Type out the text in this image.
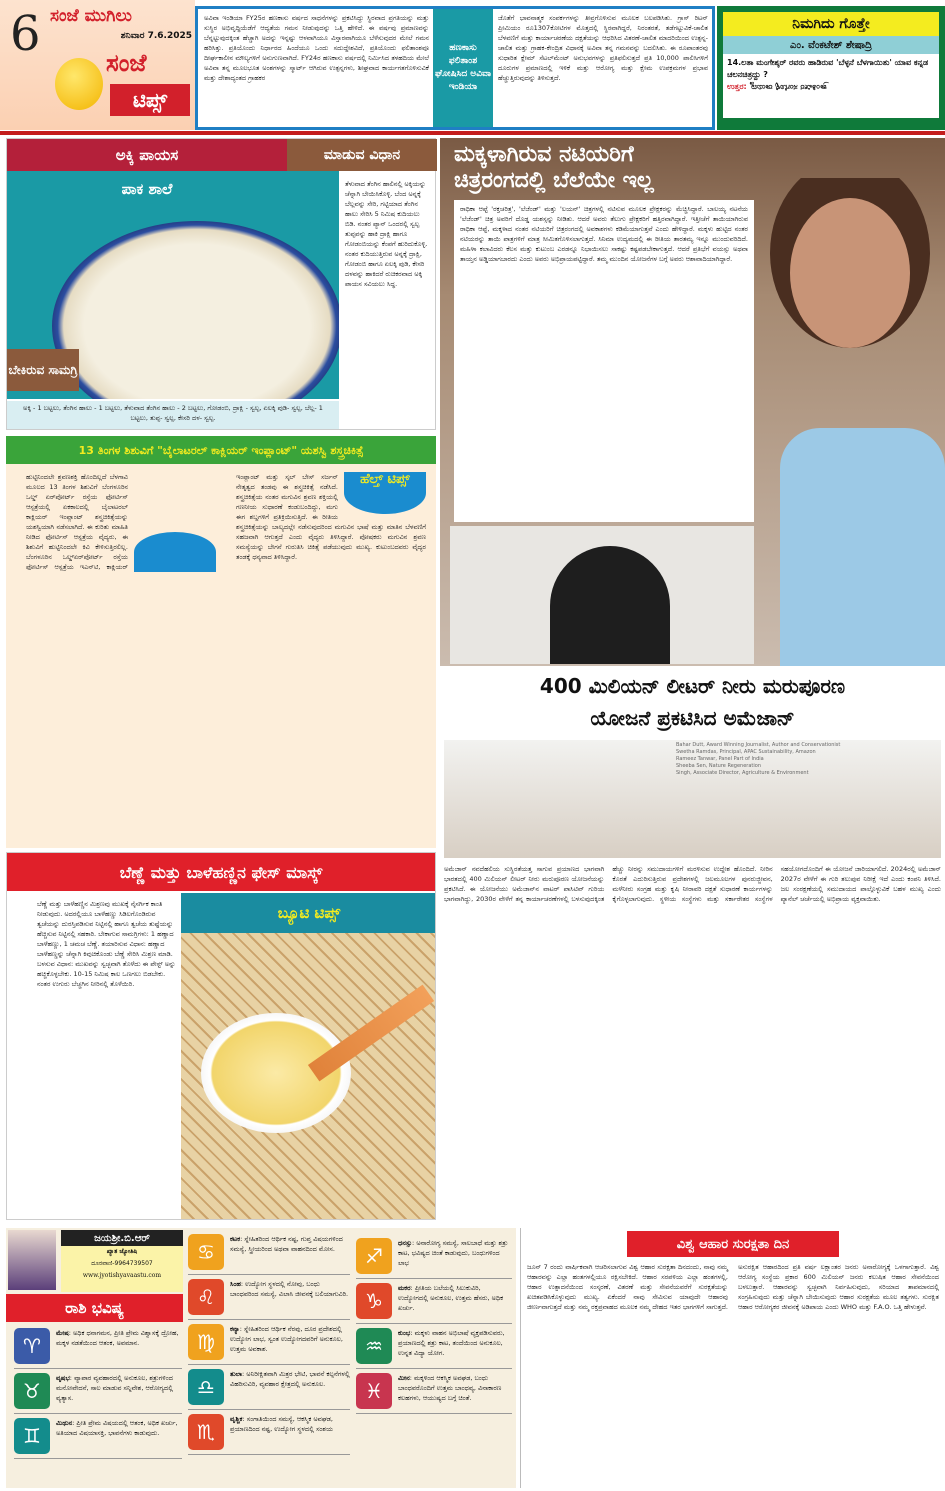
6 ಸಂಜೆ ಮುಗಿಲು
ಶನಿವಾರ 7.6.2025
ಸಂಜೆ
ಟಿಪ್ಸ್
ಅವಿವಾ ಇಂಡಿಯಾ FY25ರ ಹಣಕಾಸು ವರ್ಷದ ಸಾಧನೆಗಳನ್ನು ಪ್ರಕಟಿಸಿದ್ದು ಸ್ಥಿರವಾದ ಪ್ರಗತಿಯನ್ನು ಮತ್ತು ಸುಸ್ಥಿರ ಅಭಿವೃದ್ಧಿಯೆಡೆಗೆ ಆದ್ಯತೆಯ ಗಮನ ನೀಡುವುದನ್ನು ಒತ್ತಿ ಹೇಳಿದೆ. ಈ ವರ್ಷವು ಪ್ರಮಾಣವನ್ನು ಬೆನ್ನಟ್ಟುವುದಕ್ಕಿಂತ ಹೆಚ್ಚಾಗಿ ಅದನ್ನು ಇನ್ನಷ್ಟು ಆಳವಾಗಿಯೂ ವಿಸ್ತಾರವಾಗಿಯೂ ಬೆಳೆಸುವುದರ ಮೇಲೆ ಗಮನ ಹರಿಸಿತ್ತು. ಪ್ರತಿಯೊಂದು ನಿರ್ಧಾರದ ಹಿಂದೆಯೂ ಒಂದು ಸದುದ್ದೇಶವಿದೆ, ಪ್ರತಿಯೊಂದು ಫಲಿತಾಂಶವೂ ದೀರ್ಘಕಾಲೀನ ಮೌಲ್ಯಗಳಿಗೆ ಅನುಗುಣವಾಗಿದೆ. FY24ರ ಹಣಕಾಸು ವರ್ಷದಲ್ಲಿ ನಿರ್ಮಿಸಿದ ತಳಹದಿಯ ಮೇಲೆ ಅವಿವಾ ತನ್ನ ಮೂಲಭೂತ ಅಂಶಗಳನ್ನು ಸ್ಮಾರ್ಟ್ ಆಗಿರುವ ಉತ್ಪನ್ನಗಳು, ಶೀಘ್ರವಾದ ಕಾರ್ಯಗತಗೊಳಿಸುವಿಕೆ ಮತ್ತು ದೇಶಾದ್ಯಂತದ ಗ್ರಾಹಕರ
ಹಣಕಾಸು ಫಲಿತಾಂಶ ಘೋಷಿಸಿದ ಅವಿವಾ ಇಂಡಿಯಾ
ಜೊತೆಗೆ ಭಾವನಾತ್ಮಕ ಸಂಪರ್ಕಗಳನ್ನು ತೀವ್ರಗೊಳಿಸುವ ಮೂಲಕ ಬಲಪಡಿಸಿತು. ಗ್ರಾಸ್ ರಿಟನ್ ಪ್ರೀಮಿಯಂ ರೂ1307ಕೋಟಿಗಳ ಮೊತ್ತದಲ್ಲಿ ಸ್ಥಿರವಾಗಿದ್ದರೆ, ನಿರಂತರತೆ, ತಡೆಗಟ್ಟುವಿಕೆ-ಚಾಲಿತ ಬೆಳವಣಿಗೆ ಮತ್ತು ಕಾರ್ಯಾಚರಣೆಯ ದಕ್ಷತೆಯನ್ನು ಆಧರಿಸಿದ ವಿತರಣೆ-ಚಾಲಿತ ಮಾದರಿಯಿಂದ ಉತ್ಪನ್ನ-ಚಾಲಿತ ಮತ್ತು ಗ್ರಾಹಕ-ಕೇಂದ್ರಿತ ವಿಧಾನಕ್ಕೆ ಅವಿವಾ ತನ್ನ ಗಮನವನ್ನು ಬದಲಿಸಿತು. ಈ ರೂಪಾಂತರವು ಸುಧಾರಿತ ಕ್ಲೇಮ್ ಸೆಟಲ್‌ಮೆಂಟ್ ಅನುಭವಗಳನ್ನು ಪ್ರತಿಫಲಿಸುತ್ತದೆ ಪ್ರತಿ 10,000 ಪಾಲಿಸಿಗಳಿಗೆ ದೂರುಗಳ ಪ್ರಮಾಣದಲ್ಲಿ ಇಳಿಕೆ ಮತ್ತು ಆರೋಗ್ಯ ಮತ್ತು ಕ್ಷೇಮ ಉಪಕ್ರಮಗಳ ಪ್ರಭಾವ ಹೆಚ್ಚುತ್ತಿರುವುದನ್ನು ತಿಳಿಸುತ್ತದೆ.
ನಿಮಗಿದು ಗೊತ್ತೇ
ಎಂ. ವೆಂಕಟೇಶ್ ಶೇಷಾದ್ರಿ
14.ಲತಾ ಮಂಗೇಶ್ಕರ್ ರವರು ಹಾಡಿರುವ 'ಬೆಳ್ಳನೆ ಬೆಳಗಾಯಿತು' ಯಾವ ಕನ್ನಡ ಚಲನಚಿತ್ರದ್ದು ?
ಉತ್ತರ: ಕ್ರಾಂತಿವೀರ ಸಂಗೊಳ್ಳಿ ರಾಯಣ್ಣ
ಅಕ್ಕಿ ಪಾಯಸ	ಮಾಡುವ ವಿಧಾನ
ಪಾಕ ಶಾಲೆ
ಬೇಕಿರುವ ಸಾಮಗ್ರಿ
ಅಕ್ಕಿ - 1 ಬಟ್ಟಲು, ತೆಂಗಿನ ಹಾಲು - 1 ಬಟ್ಟಲು, ತೆಳುವಾದ ತೆಂಗಿನ ಹಾಲು - 2 ಬಟ್ಟಲು, ಗೋಡಂಬಿ, ದ್ರಾಕ್ಷಿ - ಸ್ವಲ್ಪ, ಏಲಕ್ಕಿ ಪುಡಿ- ಸ್ವಲ್ಪ, ಬೆಲ್ಲ- 1 ಬಟ್ಟಲು, ತುಪ್ಪ- ಸ್ವಲ್ಪ, ಕೇಸರಿ ದಳ- ಸ್ವಲ್ಪ.
ತೆಳುವಾದ ತೆಂಗಿನ ಹಾಲಿನಲ್ಲಿ ಅಕ್ಕಿಯನ್ನು ಚೆನ್ನಾಗಿ ಬೇಯಿಸಿಕೊಳ್ಳಿ. ಬೆಂದ ಅನ್ನಕ್ಕೆ ಬೆಲ್ಲವನ್ನು ಸೇರಿ, ಗಟ್ಟಿಯಾದ ತೆಂಗಿನ ಹಾಲು ಸೇರಿಸಿ 5 ನಿಮಿಷ ಕುದಿಯಲು ಬಿಡಿ. ನಂತರ ಪ್ಯಾನ್ ಒಂದರಲ್ಲಿ ಸ್ವಲ್ಪ ತುಪ್ಪವನ್ನು ಹಾಕಿ ದ್ರಾಕ್ಷಿ ಹಾಗೂ ಗೋಡಂಬಿಯನ್ನು ಕೆಂಪಗೆ ಹುರಿದುಕೊಳ್ಳಿ. ನಂತರ ಕುದಿಯುತ್ತಿರುವ ಅನ್ನಕ್ಕೆ ದ್ರಾಕ್ಷಿ, ಗೋಡಂಬಿ ಹಾಗೂ ಏಲಕ್ಕಿ ಪುಡಿ, ಕೇಸರಿ ದಳವನ್ನು ಹಾಕಿದರೆ ರುಚಿಕರವಾದ ಅಕ್ಕಿ ಪಾಯಸ ಸವಿಯಲು ಸಿದ್ಧ.
13 ತಿಂಗಳ ಶಿಶುವಿಗೆ "ಬೈಲಾಟರಲ್ ಕಾಕ್ಲಿಯರ್ ಇಂಪ್ಲಾಂಟ್" ಯಶಸ್ವಿ ಶಸ್ತ್ರಚಿಕಿತ್ಸೆ
ಹೆಲ್ತ್ ಟಿಪ್ಸ್
ಹುಟ್ಟಿನಿಂದಲೇ ಶ್ರವಣಶಕ್ತಿ ಹೊಂದಿಲ್ಲದೆ ಬೆಳಗಾವಿ ಮೂಲದ 13 ತಿಂಗಳ ಶಿಶುವಿಗೆ ಬೆಂಗಳೂರಿನ ಒಲ್ಡ್ ಏರ್‌ಪೋರ್ಟ್ ರಸ್ತೆಯ ಫೋರ್ಟಿಸ್ ಆಸ್ಪತ್ರೆಯಲ್ಲಿ ಏಕಕಾಲದಲ್ಲಿ ಬೈಲಾಟರಲ್ ಕಾಕ್ಲಿಯರ್ ಇಂಪ್ಲಾಂಟ್ ಶಸ್ತ್ರಚಿಕಿತ್ಸೆಯನ್ನು ಯಶಸ್ವಿಯಾಗಿ ನಡೆಸಲಾಗಿದೆ. ಈ ಕುರಿತು ಮಾಹಿತಿ ನೀಡಿದ ಫೋರ್ಟಿಸ್ ಆಸ್ಪತ್ರೆಯ ವೈದ್ಯರು, ಈ ಶಿಶುವಿಗೆ ಹುಟ್ಟಿನಿಂದಲೇ ಕಿವಿ ಕೇಳಿಸುತ್ತಿರಲಿಲ್ಲ. ಬೆಂಗಳೂರಿನ ಒಲ್ಡ್‌ಏರ್‌ಪೋರ್ಟ್ ರಸ್ತೆಯ ಫೋರ್ಟಿಸ್ ಆಸ್ಪತ್ರೆಯ ಇಎನ್‌ಟಿ, ಕಾಕ್ಲಿಯರ್ ಇಂಪ್ಲಾಂಟ್ ಮತ್ತು ಸ್ಕಲ್ ಬೇಸ್ ಸರ್ಜನ್ ನೇತೃತ್ವದ ತಂಡವು ಈ ಶಸ್ತ್ರಚಿಕಿತ್ಸೆ ನಡೆಸಿದೆ. ಶಸ್ತ್ರಚಿಕಿತ್ಸೆಯ ನಂತರ ಮಗುವಿನ ಶ್ರವಣ ಶಕ್ತಿಯಲ್ಲಿ ಗಣನೀಯ ಸುಧಾರಣೆ ಕಂಡುಬಂದಿದ್ದು, ಮಗು ಈಗ ಶಬ್ದಗಳಿಗೆ ಪ್ರತಿಕ್ರಿಯಿಸುತ್ತಿದೆ. ಈ ರೀತಿಯ ಶಸ್ತ್ರಚಿಕಿತ್ಸೆಯನ್ನು ಬಾಲ್ಯದಲ್ಲೇ ನಡೆಸುವುದರಿಂದ ಮಗುವಿನ ಭಾಷೆ ಮತ್ತು ಮಾತಿನ ಬೆಳವಣಿಗೆ ಸಹಜವಾಗಿ ಆಗುತ್ತದೆ ಎಂದು ವೈದ್ಯರು ತಿಳಿಸಿದ್ದಾರೆ. ಪೋಷಕರು ಮಗುವಿನ ಶ್ರವಣ ಸಮಸ್ಯೆಯನ್ನು ಬೇಗನೆ ಗುರುತಿಸಿ ಚಿಕಿತ್ಸೆ ಪಡೆಯುವುದು ಮುಖ್ಯ. ಕುಟುಂಬದವರು ವೈದ್ಯರ ತಂಡಕ್ಕೆ ಧನ್ಯವಾದ ತಿಳಿಸಿದ್ದಾರೆ.
ಬೆಣ್ಣೆ ಮತ್ತು ಬಾಳೆಹಣ್ಣಿನ ಫೇಸ್ ಮಾಸ್ಕ್
ಬೆಣ್ಣೆ ಮತ್ತು ಬಾಳೆಹಣ್ಣಿನ ಮಿಶ್ರಣವು ಮುಖಕ್ಕೆ ನೈಸರ್ಗಿಕ ಕಾಂತಿ ನೀಡುವುದು. ಅದರಲ್ಲಿಯೂ ಬಾಳೆಹಣ್ಣು ಸಿಡಿಲಗೊಂಡಿರುವ ತ್ವಚೆಯನ್ನು ದುರಸ್ತಿಪಡಿಸುವ ನಿಟ್ಟಿನಲ್ಲಿ ಹಾಗೂ ತ್ವಚೆಯ ತುಷ್ಟೆಯನ್ನು ಹೆಚ್ಚಿಸುವ ನಿಟ್ಟಿನಲ್ಲಿ ಸಹಕಾರಿ. ಬೇಕಾಗುವ ಸಾಮಗ್ರಿಗಳು: 1 ಹಣ್ಣಾದ ಬಾಳೆಹಣ್ಣು, 1 ಚಮಚ ಬೆಣ್ಣೆ. ತಯಾರಿಸುವ ವಿಧಾನ: ಹಣ್ಣಾದ ಬಾಳೆಹಣ್ಣನ್ನು ಚೆನ್ನಾಗಿ ಕಿವುಚಿಕೊಂಡು ಬೆಣ್ಣೆ ಸೇರಿಸಿ ಮಿಶ್ರಣ ಮಾಡಿ. ಬಳಸುವ ವಿಧಾನ: ಮುಖವನ್ನು ಸ್ವಚ್ಛವಾಗಿ ತೊಳೆದು ಈ ಪೇಸ್ಟ್ ಅನ್ನು ಹಚ್ಚಿಕೊಳ್ಳಬೇಕು. 10-15 ನಿಮಿಷ ಕಾಲ ಒಣಗಲು ಬಿಡಬೇಕು. ನಂತರ ಉಗುರು ಬೆಚ್ಚಗಿನ ನೀರಿನಲ್ಲಿ ತೊಳೆಯಿರಿ.
ಬ್ಯೂಟಿ ಟಿಪ್ಸ್
ಮಕ್ಕಳಾಗಿರುವ ನಟಿಯರಿಗೆ
ಚಿತ್ರರಂಗದಲ್ಲಿ ಬೆಲೆಯೇ ಇಲ್ಲ
ರಾಧಿಕಾ ಆಪ್ಟೆ 'ರಕ್ತಚರಿತ್ರ', 'ಲೆಜೆಂಡ್' ಮತ್ತು 'ಲಯನ್' ಚಿತ್ರಗಳಲ್ಲಿ ನಟಿಸುವ ಮೂಲಕ ಪ್ರೇಕ್ಷಕರನ್ನು ಮೆಚ್ಚಿಸಿದ್ದಾರೆ. ಬಾಲಯ್ಯ ನಟನೆಯ 'ಲೆಜೆಂಡ್' ಚಿತ್ರ ಅವರಿಗೆ ದೊಡ್ಡ ಯಶಸ್ಸನ್ನು ನೀಡಿತು. ಆದರೆ ಅವರು ತೆಲುಗು ಪ್ರೇಕ್ಷಕರಿಗೆ ಹತ್ತಿರವಾಗಿದ್ದಾರೆ. ಇತ್ತೀಚೆಗೆ ತಾಯಿಯಾಗಿರುವ ರಾಧಿಕಾ ಆಪ್ಟೆ, ಮಕ್ಕಳಾದ ನಂತರ ನಟಿಯರಿಗೆ ಚಿತ್ರರಂಗದಲ್ಲಿ ಅವಕಾಶಗಳು ಕಡಿಮೆಯಾಗುತ್ತವೆ ಎಂದು ಹೇಳಿದ್ದಾರೆ. ಮಕ್ಕಳು ಹುಟ್ಟಿದ ನಂತರ ನಟಿಯರನ್ನು ತಾಯಿ ಪಾತ್ರಗಳಿಗೆ ಮಾತ್ರ ಸೀಮಿತಗೊಳಿಸಲಾಗುತ್ತದೆ. ಸಿನಿಮಾ ಉದ್ಯಮದಲ್ಲಿ ಈ ರೀತಿಯ ತಾರತಮ್ಯ ಇನ್ನೂ ಮುಂದುವರಿದಿದೆ. ಮಹಿಳಾ ಕಲಾವಿದರು ಕೆಲಸ ಮತ್ತು ಕುಟುಂಬ ಎರಡನ್ನೂ ನಿಭಾಯಿಸಲು ಸಾಕಷ್ಟು ಕಷ್ಟಪಡಬೇಕಾಗುತ್ತದೆ. ಆದರೆ ಪ್ರತಿಭೆಗೆ ವಯಸ್ಸು ಅಥವಾ ತಾಯ್ತನ ಅಡ್ಡಿಯಾಗಬಾರದು ಎಂದು ಅವರು ಅಭಿಪ್ರಾಯಪಟ್ಟಿದ್ದಾರೆ. ತಮ್ಮ ಮುಂದಿನ ಯೋಜನೆಗಳ ಬಗ್ಗೆ ಅವರು ಆಶಾವಾದಿಯಾಗಿದ್ದಾರೆ.
400 ಮಿಲಿಯನ್ ಲೀಟರ್ ನೀರು ಮರುಪೂರಣ
ಯೋಜನೆ ಪ್ರಕಟಿಸಿದ ಅಮೆಜಾನ್
Bahar Dutt, Award Winning Journalist, Author and Conservationist
Swetha Ramdas, Principal, APAC Sustainability, Amazon
Rameez Tanwar, Panel Part of India
Sheeba Sen, Nature Regeneration
Singh, Associate Director, Agriculture & Environment
ಅಮೆಜಾನ್ ನವದೆಹಲಿಯ ಸುಸ್ಥಿರತೆಯತ್ತ ಸಾಗುವ ಪ್ರಯಾಣದ ಭಾಗವಾಗಿ ಭಾರತದಲ್ಲಿ 400 ಮಿಲಿಯನ್ ಲೀಟರ್ ನೀರು ಮರುಪೂರಣ ಯೋಜನೆಯನ್ನು ಪ್ರಕಟಿಸಿದೆ. ಈ ಯೋಜನೆಯು ಅಮೆಜಾನ್‌ನ ವಾಟರ್ ಪಾಸಿಟಿವ್ ಗುರಿಯ ಭಾಗವಾಗಿದ್ದು, 2030ರ ವೇಳೆಗೆ ತನ್ನ ಕಾರ್ಯಾಚರಣೆಗಳಲ್ಲಿ ಬಳಸುವುದಕ್ಕಿಂತ ಹೆಚ್ಚು ನೀರನ್ನು ಸಮುದಾಯಗಳಿಗೆ ಮರಳಿಸುವ ಉದ್ದೇಶ ಹೊಂದಿದೆ. ನೀರಿನ ಕೊರತೆ ಎದುರಿಸುತ್ತಿರುವ ಪ್ರದೇಶಗಳಲ್ಲಿ ಜಲಮೂಲಗಳ ಪುನರುಜ್ಜೀವನ, ಮಳೆನೀರು ಸಂಗ್ರಹ ಮತ್ತು ಕೃಷಿ ನೀರಾವರಿ ದಕ್ಷತೆ ಸುಧಾರಣೆ ಕಾರ್ಯಗಳನ್ನು ಕೈಗೊಳ್ಳಲಾಗುವುದು. ಸ್ಥಳೀಯ ಸಂಸ್ಥೆಗಳು ಮತ್ತು ಸರ್ಕಾರೇತರ ಸಂಸ್ಥೆಗಳ ಸಹಯೋಗದೊಂದಿಗೆ ಈ ಯೋಜನೆ ಜಾರಿಯಾಗಲಿದೆ. 2024ರಲ್ಲಿ ಅಮೆಜಾನ್ 2027ರ ವೇಳೆಗೆ ಈ ಗುರಿ ತಲುಪುವ ನಿರೀಕ್ಷೆ ಇದೆ ಎಂದು ಕಂಪನಿ ತಿಳಿಸಿದೆ. ಜಲ ಸಂರಕ್ಷಣೆಯಲ್ಲಿ ಸಮುದಾಯದ ಪಾಲ್ಗೊಳ್ಳುವಿಕೆ ಬಹಳ ಮುಖ್ಯ ಎಂದು ಪ್ಯಾನೆಲ್ ಚರ್ಚೆಯಲ್ಲಿ ಅಭಿಪ್ರಾಯ ವ್ಯಕ್ತವಾಯಿತು.
ಜಯಶ್ರೀ.ಬಿ.ಆರ್
ಖ್ಯಾತ ಜ್ಯೋತಿಷಿ
ದೂರವಾಣಿ-9964739507
www.jyotishyavaastu.com
ರಾಶಿ ಭವಿಷ್ಯ
♈
ಮೇಷ: ಅಧಿಕ ಧನಾಗಮನ, ಪ್ರೀತಿ ಪ್ರೇಮ ವಿಶ್ವಾಸಕ್ಕೆ ದ್ರೋಹ, ಮಕ್ಕಳ ನಡತೆಯಿಂದ ಆತಂಕ, ಅವಮಾನ.
♉
ವೃಷಭ: ವ್ಯಾಪಾರ ವ್ಯವಹಾರದಲ್ಲಿ ಅನುಕೂಲ, ಶತ್ರುಗಳಿಂದ ಮನೋವೇದನೆ, ಸಾಲ ಮಾಡುವ ಸನ್ನಿವೇಶ, ಆರೋಗ್ಯದಲ್ಲಿ ವ್ಯತ್ಯಾಸ.
♊
ಮಿಥುನ: ಪ್ರೀತಿ ಪ್ರೇಮ ವಿಷಯದಲ್ಲಿ ಆತಂಕ, ಅಧಿಕ ಖರ್ಚು, ಅತಿಯಾದ ವಿಷಯಾಸಕ್ತಿ, ಭಾವನೆಗಳು ಕಾಡುವುದು.
♋
ಕಟಕ: ಸ್ನೇಹಿತರಿಂದ ಆರ್ಥಿಕ ನಷ್ಟ, ಗುಪ್ತ ವಿಷಯಗಳಿಂದ ಸಮಸ್ಯೆ, ಸ್ತ್ರೀಯರಿಂದ ಅಥವಾ ವಾಹನದಿಂದ ಮೋಸ.
♌
ಸಿಂಹ: ಉದ್ಯೋಗ ಸ್ಥಳದಲ್ಲಿ ನೋವು, ಬಂಧು ಬಾಂಧವರಿಂದ ಸಮಸ್ಯೆ, ವಿಲಾಸಿ ಜೀವನಕ್ಕೆ ಬಲಿಯಾಗುವಿರಿ.
♍
ಕನ್ಯಾ: ಸ್ನೇಹಿತರಿಂದ ಆರ್ಥಿಕ ನೆರವು, ದೂರ ಪ್ರದೇಶದಲ್ಲಿ ಉದ್ಯೋಗ ಲಾಭ, ಸ್ವಂತ ಉದ್ಯೋಗದವರಿಗೆ ಅನುಕೂಲ, ಉತ್ತಮ ಅವಕಾಶ.
♎
ತುಲಾ: ಅನಿರೀಕ್ಷಿತವಾಗಿ ಮಿತ್ರರ ಭೇಟಿ, ಭಾವನೆ ಕಲ್ಪನೆಗಳಲ್ಲಿ ವಿಹರಿಸುವಿರಿ, ವ್ಯವಹಾರ ಕ್ಷೇತ್ರದಲ್ಲಿ ಅನುಕೂಲ.
♏
ವೃಶ್ಚಿಕ: ಸಂಗಾತಿಯಿಂದ ಸಮಸ್ಯೆ, ಆಕಸ್ಮಿಕ ಅವಘಡ, ಪ್ರಯಾಣದಿಂದ ನಷ್ಟ, ಉದ್ಯೋಗ ಸ್ಥಳದಲ್ಲಿ ಸಂಶಯ
♐
ಧನಸ್ಸು: ಅನಾರೋಗ್ಯ ಸಮಸ್ಯೆ, ಸಾಲಬಾಧೆ ಮತ್ತು ಶತ್ರು ಕಾಟ, ಭವಿಷ್ಯದ ಚಿಂತೆ ಕಾಡುವುದು, ಬಂಧುಗಳಿಂದ ಲಾಭ
♑
ಮಕರ: ಪ್ರೀತಿಯ ಬಲೆಯಲ್ಲಿ ಸಿಲುಕುವಿರಿ, ಉದ್ಯೋಗದಲ್ಲಿ ಅನುಕೂಲ, ಉತ್ತಮ ಹೆಸರು, ಅಧಿಕ ಖರ್ಚು.
♒
ಕುಂಭ: ಮಕ್ಕಳು ವಾಹನ ಅಭಿಲಾಷೆ ವ್ಯಕ್ತಪಡಿಸುವರು, ಪ್ರಯಾಣದಲ್ಲಿ ಶತ್ರು ಕಾಟ, ತಂದೆಯಿಂದ ಅನುಕೂಲ, ಉನ್ನತ ವಿದ್ಯಾ ಯೋಗ.
♓
ಮೀನ: ಮಕ್ಕಳಿಂದ ಆಕಸ್ಮಿಕ ಅವಘಡ, ಬಂಧು ಬಾಂಧವರೊಂದಿಗೆ ಉತ್ತಮ ಬಾಂಧವ್ಯ, ವಿನಾಕಾರಣ ಕಲಹಗಳು, ಆಯುಷ್ಯದ ಬಗ್ಗೆ ಚಿಂತೆ.
ವಿಶ್ವ ಆಹಾರ ಸುರಕ್ಷತಾ ದಿನ
ಜೂನ್ 7 ರಂದು ವಾರ್ಷಿಕವಾಗಿ ಆಚರಿಸಲಾಗುವ ವಿಶ್ವ ಆಹಾರ ಸುರಕ್ಷತಾ ದಿನದಂದು, ನಾವು ನಮ್ಮ ಆಹಾರವನ್ನು ಎಲ್ಲಾ ಹಂತಗಳಲ್ಲಿಯೂ ರಕ್ಷಿಸಬೇಕಿದೆ. ಆಹಾರ ಸರಪಳಿಯ ಎಲ್ಲಾ ಹಂತಗಳಲ್ಲಿ, ಆಹಾರ ಉತ್ಪಾದನೆಯಿಂದ ಸಂಸ್ಕರಣೆ, ವಿತರಣೆ ಮತ್ತು ಸೇವನೆಯವರೆಗೆ ಸುರಕ್ಷತೆಯನ್ನು ಖಚಿತಪಡಿಸಿಕೊಳ್ಳುವುದು ಮುಖ್ಯ. ಏಕೆಂದರೆ ನಾವು ಸೇವಿಸುವ ಯಾವುದೇ ಆಹಾರವು ಜೀರ್ಣವಾಗುತ್ತದೆ ಮತ್ತು ನಮ್ಮ ರಕ್ತಪ್ರವಾಹದ ಮೂಲಕ ನಮ್ಮ ದೇಹದ ಇತರ ಭಾಗಗಳಿಗೆ ಸಾಗುತ್ತದೆ. ಅಸುರಕ್ಷಿತ ಆಹಾರದಿಂದ ಪ್ರತಿ ವರ್ಷ ಲಕ್ಷಾಂತರ ಜನರು ಅನಾರೋಗ್ಯಕ್ಕೆ ಒಳಗಾಗುತ್ತಾರೆ. ವಿಶ್ವ ಆರೋಗ್ಯ ಸಂಸ್ಥೆಯ ಪ್ರಕಾರ 600 ಮಿಲಿಯನ್ ಜನರು ಕಲುಷಿತ ಆಹಾರ ಸೇವನೆಯಿಂದ ಬಳಲುತ್ತಾರೆ. ಆಹಾರವನ್ನು ಸ್ವಚ್ಛವಾಗಿ ನಿರ್ವಹಿಸುವುದು, ಸರಿಯಾದ ತಾಪಮಾನದಲ್ಲಿ ಸಂಗ್ರಹಿಸುವುದು ಮತ್ತು ಚೆನ್ನಾಗಿ ಬೇಯಿಸುವುದು ಆಹಾರ ಸುರಕ್ಷತೆಯ ಮೂಲ ತತ್ವಗಳು. ಸುರಕ್ಷಿತ ಆಹಾರ ಆರೋಗ್ಯಕರ ಜೀವನಕ್ಕೆ ಅಡಿಪಾಯ ಎಂದು WHO ಮತ್ತು F.A.O. ಒತ್ತಿ ಹೇಳುತ್ತವೆ.
